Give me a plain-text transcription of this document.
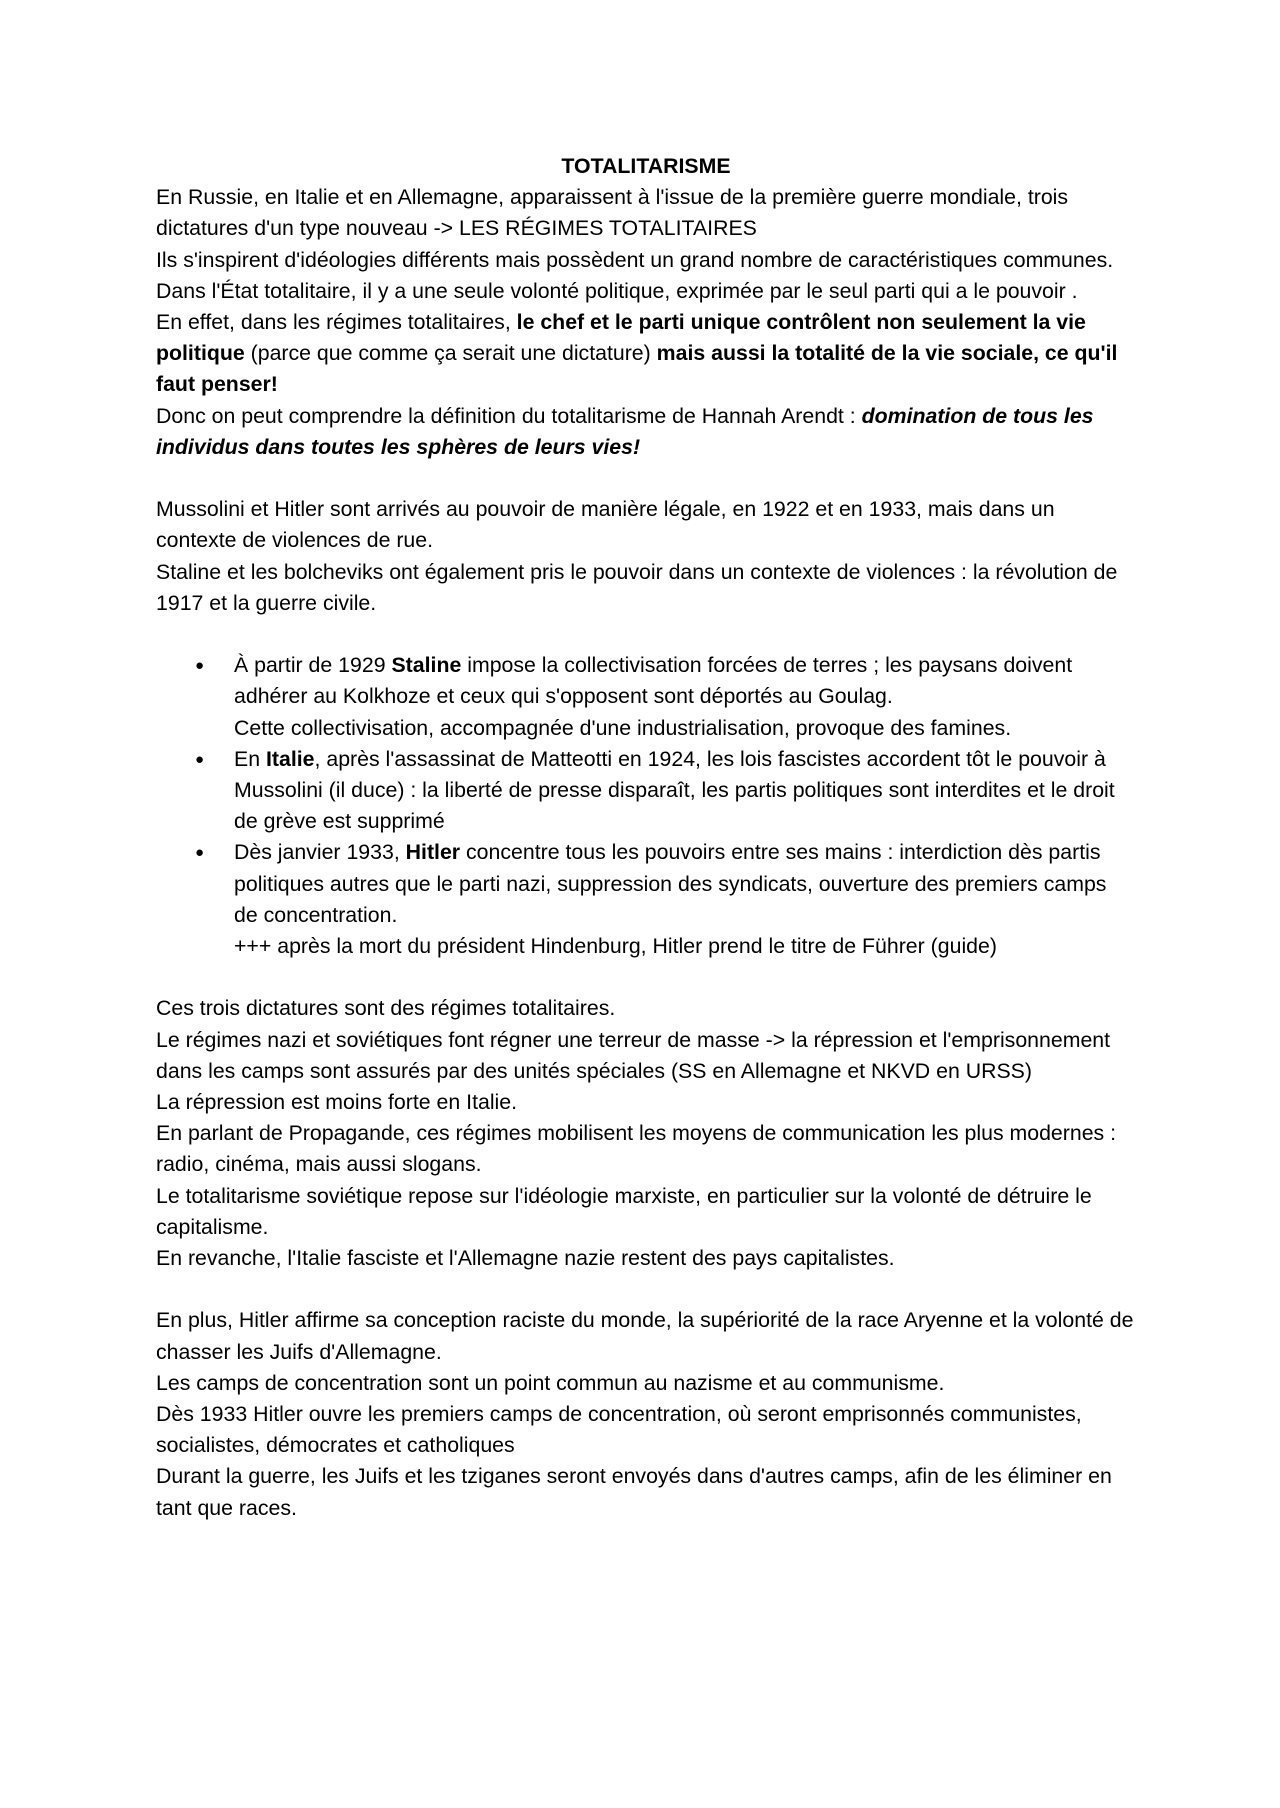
TOTALITARISME

En Russie, en Italie et en Allemagne, apparaissent à l'issue de la première guerre mondiale, trois dictatures d'un type nouveau -> LES RÉGIMES TOTALITAIRES

Ils s'inspirent d'idéologies différents mais possèdent un grand nombre de caractéristiques communes.

Dans l'État totalitaire, il y a une seule volonté politique, exprimée par le seul parti qui a le pouvoir .

En effet, dans les régimes totalitaires, le chef et le parti unique contrôlent non seulement la vie politique (parce que comme ça serait une dictature) mais aussi la totalité de la vie sociale, ce qu'il faut penser!

Donc on peut comprendre la définition du totalitarisme de Hannah Arendt : domination de tous les individus dans toutes les sphères de leurs vies!

Mussolini et Hitler sont arrivés au pouvoir de manière légale, en 1922 et en 1933, mais dans un contexte de violences de rue.

Staline et les bolcheviks ont également pris le pouvoir dans un contexte de violences : la révolution de 1917 et la guerre civile.

● À partir de 1929 Staline impose la collectivisation forcées de terres ; les paysans doivent adhérer au Kolkhoze et ceux qui s'opposent sont déportés au Goulag.
Cette collectivisation, accompagnée d'une industrialisation, provoque des famines.
● En Italie, après l'assassinat de Matteotti en 1924, les lois fascistes accordent tôt le pouvoir à Mussolini (il duce) : la liberté de presse disparaît, les partis politiques sont interdites et le droit de grève est supprimé
● Dès janvier 1933, Hitler concentre tous les pouvoirs entre ses mains : interdiction dès partis politiques autres que le parti nazi, suppression des syndicats, ouverture des premiers camps de concentration.
+++ après la mort du président Hindenburg, Hitler prend le titre de Führer (guide)

Ces trois dictatures sont des régimes totalitaires.

Le régimes nazi et soviétiques font régner une terreur de masse -> la répression et l'emprisonnement dans les camps sont assurés par des unités spéciales (SS en Allemagne et NKVD en URSS)

La répression est moins forte en Italie.

En parlant de Propagande, ces régimes mobilisent les moyens de communication les plus modernes : radio, cinéma, mais aussi slogans.

Le totalitarisme soviétique repose sur l'idéologie marxiste, en particulier sur la volonté de détruire le capitalisme.

En revanche, l'Italie fasciste et l'Allemagne nazie restent des pays capitalistes.

En plus, Hitler affirme sa conception raciste du monde, la supériorité de la race Aryenne et la volonté de chasser les Juifs d'Allemagne.

Les camps de concentration sont un point commun au nazisme et au communisme.

Dès 1933 Hitler ouvre les premiers camps de concentration, où seront emprisonnés communistes, socialistes, démocrates et catholiques

Durant la guerre, les Juifs et les tziganes seront envoyés dans d'autres camps, afin de les éliminer en tant que races.
